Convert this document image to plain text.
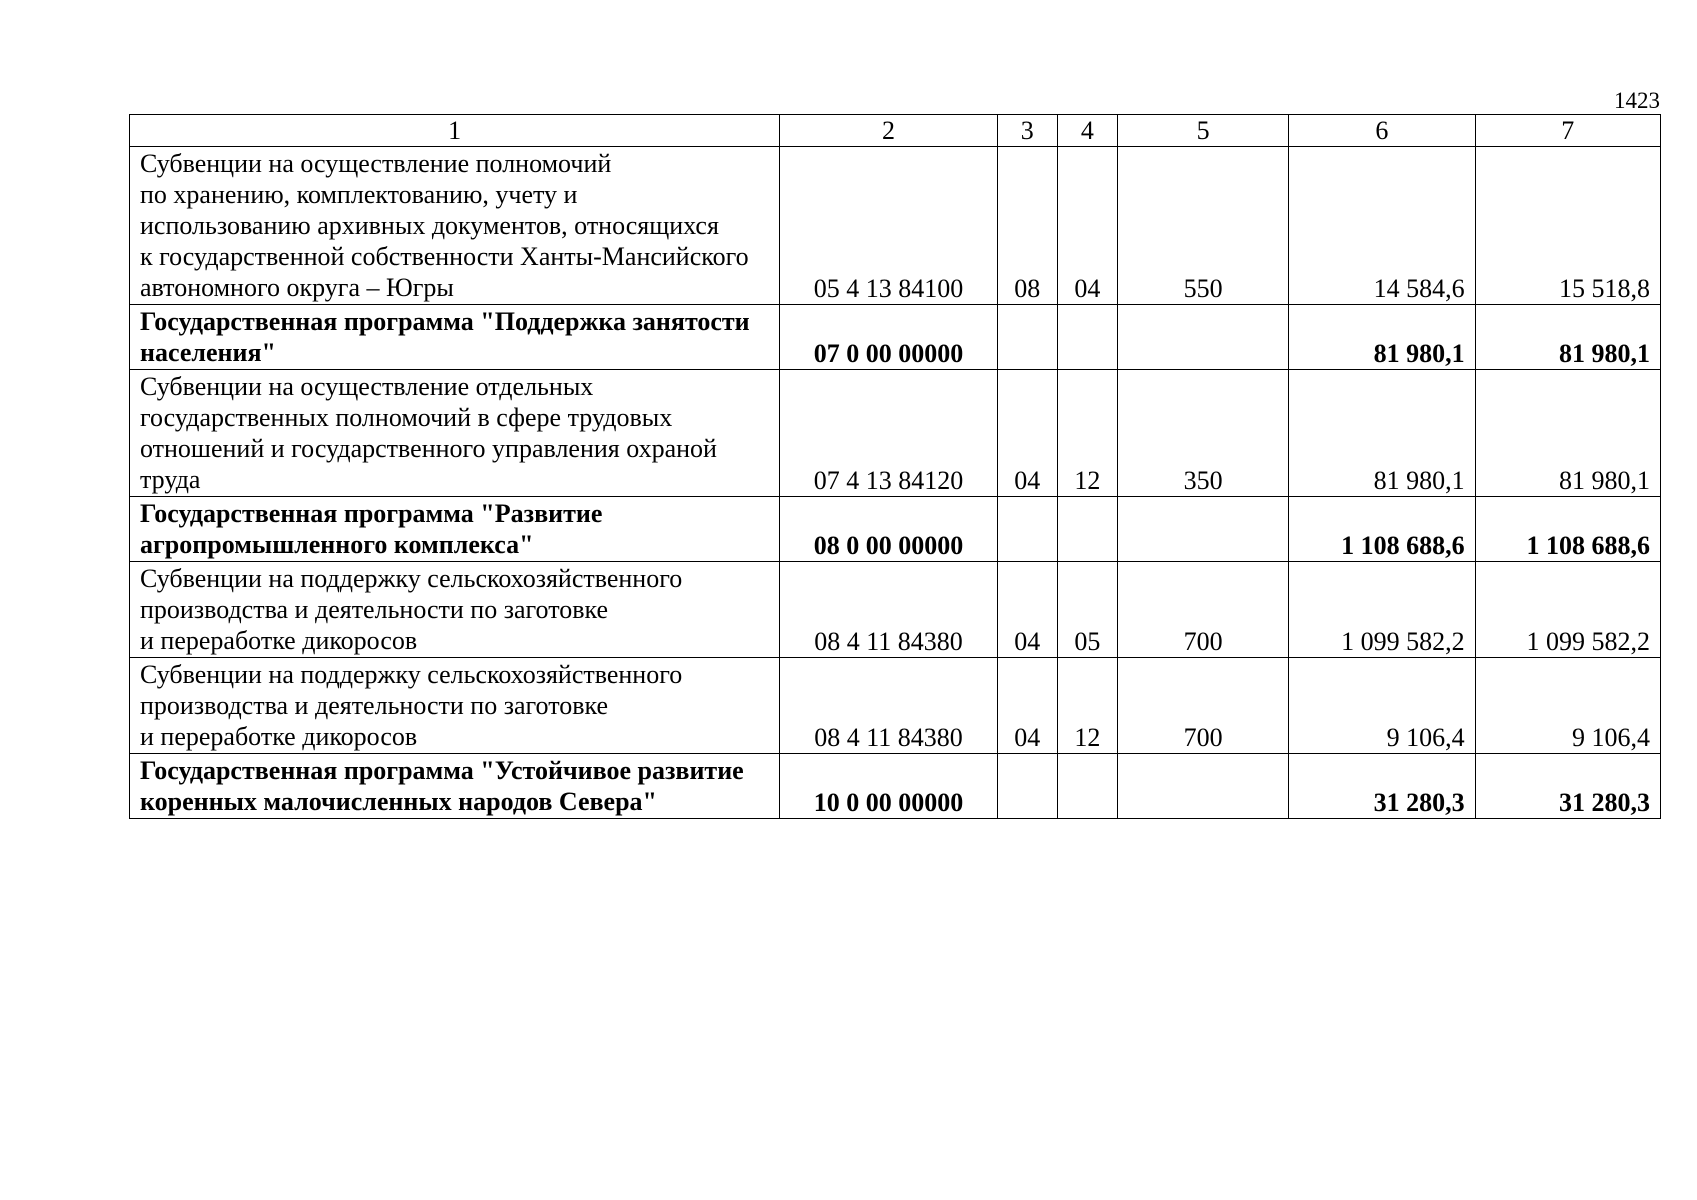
1423
1	2	3	4	5	6	7

Субвенции на осуществление полномочий
по хранению, комплектованию, учету и
использованию архивных документов, относящихся
к государственной собственности Ханты-Мансийского
автономного округа – Югры	05 4 13 84100	08	04	550	14 584,6	15 518,8

Государственная программа "Поддержка занятости
населения"	07 0 00 00000				81 980,1	81 980,1

Субвенции на осуществление отдельных
государственных полномочий в сфере трудовых
отношений и государственного управления охраной
труда	07 4 13 84120	04	12	350	81 980,1	81 980,1

Государственная программа "Развитие
агропромышленного комплекса"	08 0 00 00000				1 108 688,6	1 108 688,6

Субвенции на поддержку сельскохозяйственного
производства и деятельности по заготовке
и переработке дикоросов	08 4 11 84380	04	05	700	1 099 582,2	1 099 582,2

Субвенции на поддержку сельскохозяйственного
производства и деятельности по заготовке
и переработке дикоросов	08 4 11 84380	04	12	700	9 106,4	9 106,4

Государственная программа "Устойчивое развитие
коренных малочисленных народов Севера"	10 0 00 00000				31 280,3	31 280,3
